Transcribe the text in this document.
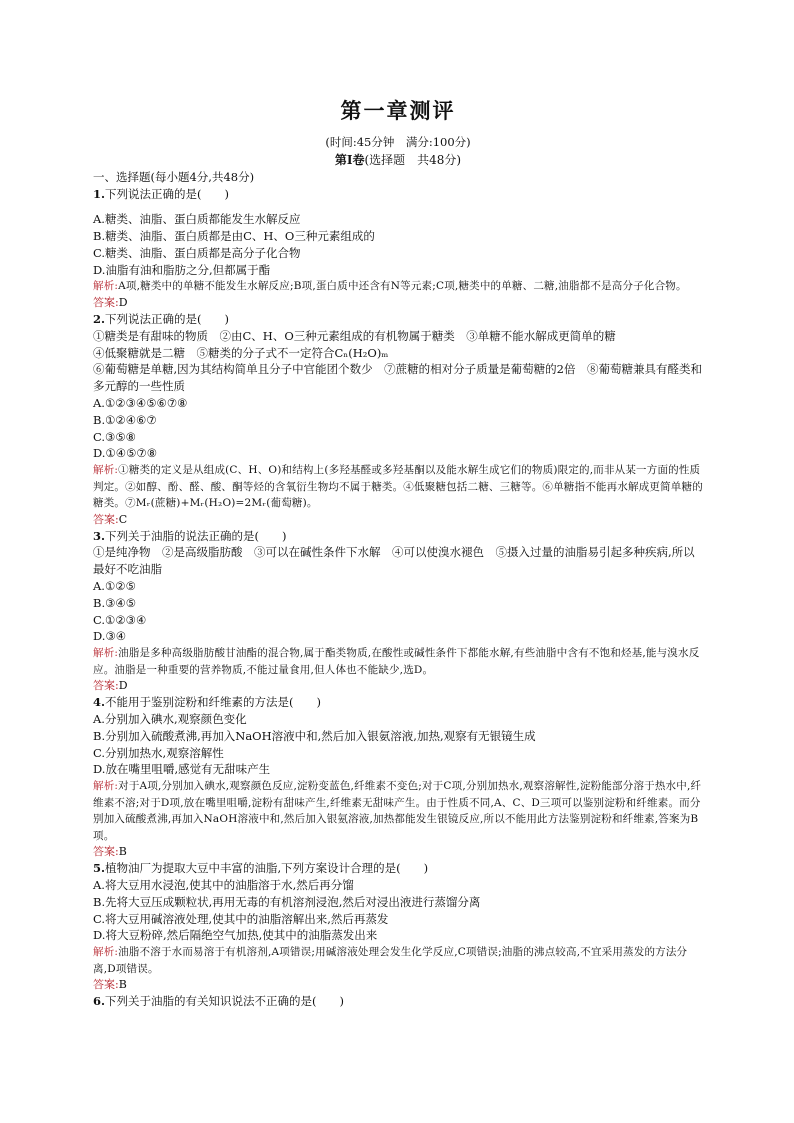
第一章测评

(时间:45分钟　满分:100分)

第Ⅰ卷(选择题　共48分)

一、选择题(每小题4分,共48分)

1.下列说法正确的是(　　)

A.糖类、油脂、蛋白质都能发生水解反应

B.糖类、油脂、蛋白质都是由C、H、O三种元素组成的

C.糖类、油脂、蛋白质都是高分子化合物

D.油脂有油和脂肪之分,但都属于酯

解析:A项,糖类中的单糖不能发生水解反应;B项,蛋白质中还含有N等元素;C项,糖类中的单糖、二糖,油脂都不是高分子化合物。

答案:D

2.下列说法正确的是(　　)

①糖类是有甜味的物质　②由C、H、O三种元素组成的有机物属于糖类　③单糖不能水解成更简单的糖

④低聚糖就是二糖　⑤糖类的分子式不一定符合Cₙ(H₂O)ₘ

⑥葡萄糖是单糖,因为其结构简单且分子中官能团个数少　⑦蔗糖的相对分子质量是葡萄糖的2倍　⑧葡萄糖兼具有醛类和多元醇的一些性质

A.①②③④⑤⑥⑦⑧

B.①②④⑥⑦

C.③⑤⑧

D.①④⑤⑦⑧

解析:①糖类的定义是从组成(C、H、O)和结构上(多羟基醛或多羟基酮以及能水解生成它们的物质)限定的,而非从某一方面的性质判定。②如醇、酚、醛、酸、酮等烃的含氧衍生物均不属于糖类。④低聚糖包括二糖、三糖等。⑥单糖指不能再水解成更简单糖的糖类。⑦Mᵣ(蔗糖)+Mᵣ(H₂O)=2Mᵣ(葡萄糖)。

答案:C

3.下列关于油脂的说法正确的是(　　)

①是纯净物　②是高级脂肪酸　③可以在碱性条件下水解　④可以使溴水褪色　⑤摄入过量的油脂易引起多种疾病,所以最好不吃油脂

A.①②⑤

B.③④⑤

C.①②③④

D.③④

解析:油脂是多种高级脂肪酸甘油酯的混合物,属于酯类物质,在酸性或碱性条件下都能水解,有些油脂中含有不饱和烃基,能与溴水反应。油脂是一种重要的营养物质,不能过量食用,但人体也不能缺少,选D。

答案:D

4.不能用于鉴别淀粉和纤维素的方法是(　　)

A.分别加入碘水,观察颜色变化

B.分别加入硫酸煮沸,再加入NaOH溶液中和,然后加入银氨溶液,加热,观察有无银镜生成

C.分别加热水,观察溶解性

D.放在嘴里咀嚼,感觉有无甜味产生

解析:对于A项,分别加入碘水,观察颜色反应,淀粉变蓝色,纤维素不变色;对于C项,分别加热水,观察溶解性,淀粉能部分溶于热水中,纤维素不溶;对于D项,放在嘴里咀嚼,淀粉有甜味产生,纤维素无甜味产生。由于性质不同,A、C、D三项可以鉴别淀粉和纤维素。而分别加入硫酸煮沸,再加入NaOH溶液中和,然后加入银氨溶液,加热都能发生银镜反应,所以不能用此方法鉴别淀粉和纤维素,答案为B项。

答案:B

5.植物油厂为提取大豆中丰富的油脂,下列方案设计合理的是(　　)

A.将大豆用水浸泡,使其中的油脂溶于水,然后再分馏

B.先将大豆压成颗粒状,再用无毒的有机溶剂浸泡,然后对浸出液进行蒸馏分离

C.将大豆用碱溶液处理,使其中的油脂溶解出来,然后再蒸发

D.将大豆粉碎,然后隔绝空气加热,使其中的油脂蒸发出来

解析:油脂不溶于水而易溶于有机溶剂,A项错误;用碱溶液处理会发生化学反应,C项错误;油脂的沸点较高,不宜采用蒸发的方法分离,D项错误。

答案:B

6.下列关于油脂的有关知识说法不正确的是(　　)
